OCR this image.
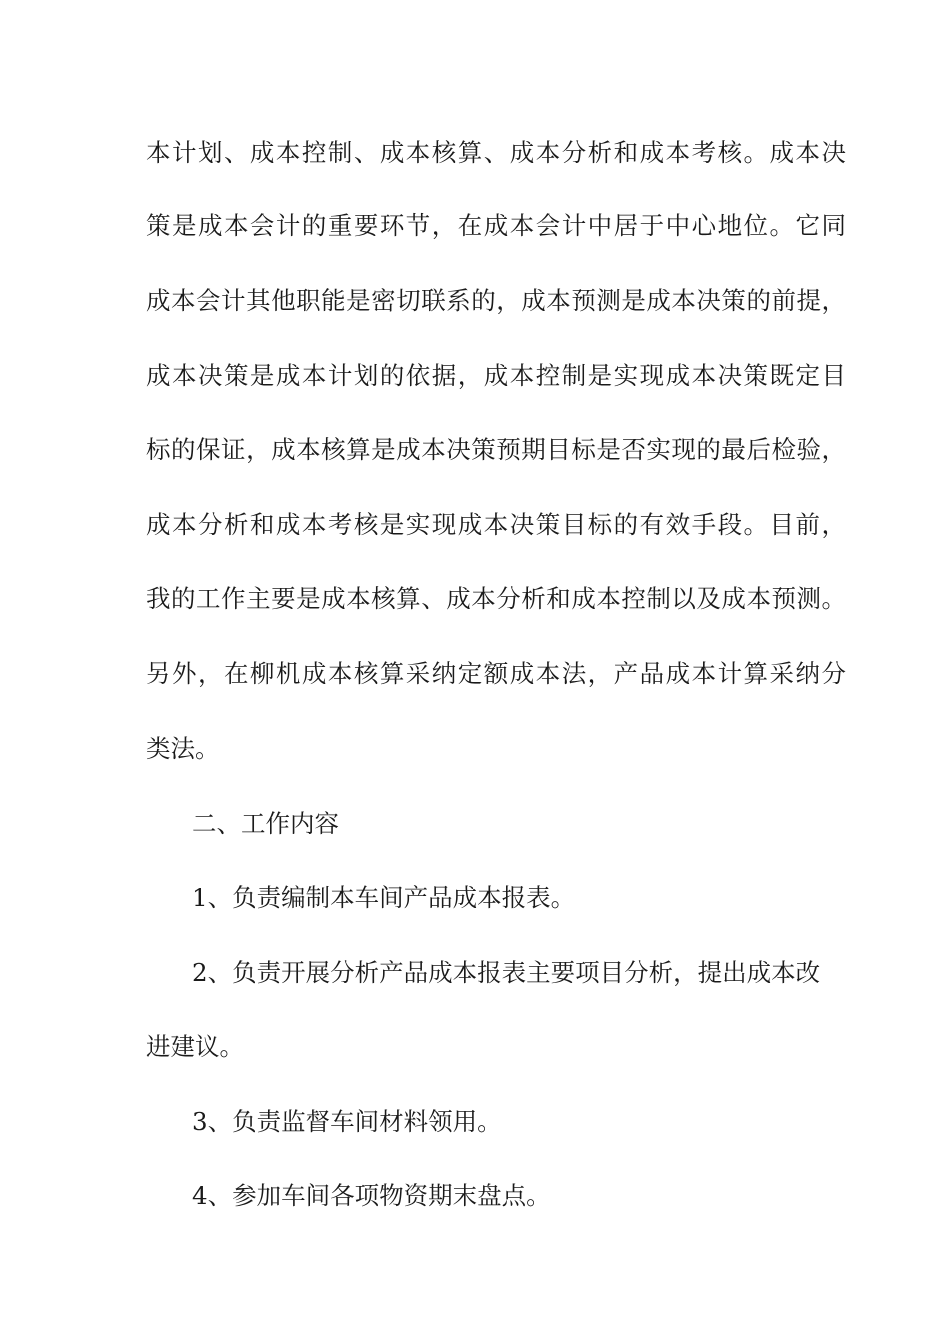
本计划、成本控制、成本核算、成本分析和成本考核。成本决
策是成本会计的重要环节，在成本会计中居于中心地位。它同
成本会计其他职能是密切联系的，成本预测是成本决策的前提，
成本决策是成本计划的依据，成本控制是实现成本决策既定目
标的保证，成本核算是成本决策预期目标是否实现的最后检验，
成本分析和成本考核是实现成本决策目标的有效手段。目前，
我的工作主要是成本核算、成本分析和成本控制以及成本预测。
另外，在柳机成本核算采纳定额成本法，产品成本计算采纳分
类法。
二、工作内容
1、负责编制本车间产品成本报表。
2、负责开展分析产品成本报表主要项目分析，提出成本改
进建议。
3、负责监督车间材料领用。
4、参加车间各项物资期末盘点。
